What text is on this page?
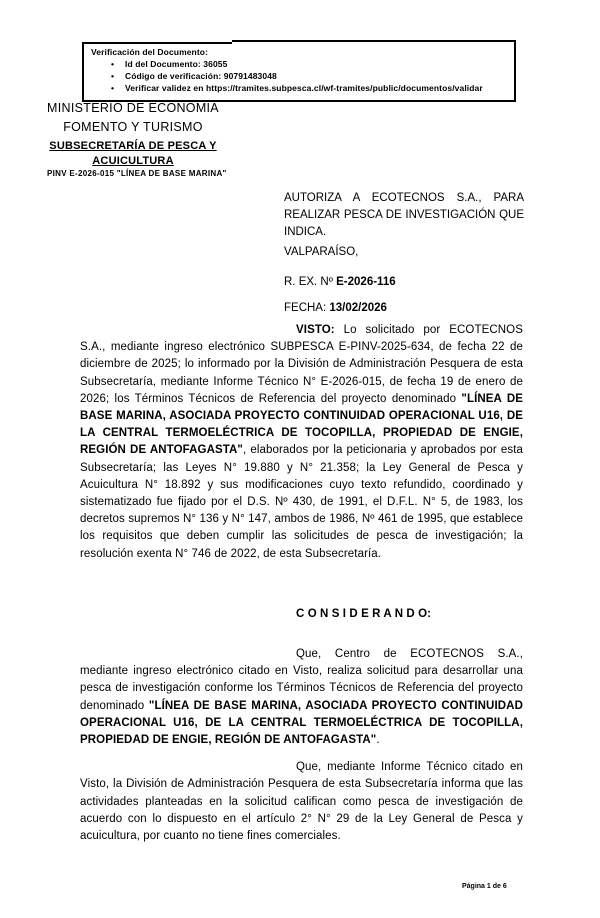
Verificación del Documento:
•	Id del Documento: 36055
•	Código de verificación: 90791483048
•	Verificar validez en https://tramites.subpesca.cl/wf-tramites/public/documentos/validar
MINISTERIO DE ECONOMIA
FOMENTO Y TURISMO
SUBSECRETARÍA DE PESCA Y
ACUICULTURA
PINV E-2026-015 "LÍNEA DE BASE MARINA"
AUTORIZA A ECOTECNOS S.A., PARA REALIZAR PESCA DE INVESTIGACIÓN QUE INDICA.
VALPARAÍSO,
R. EX. Nº E-2026-116
FECHA: 13/02/2026

VISTO: Lo solicitado por ECOTECNOS S.A., mediante ingreso electrónico SUBPESCA E-PINV-2025-634, de fecha 22 de diciembre de 2025; lo informado por la División de Administración Pesquera de esta Subsecretaría, mediante Informe Técnico N° E-2026-015, de fecha 19 de enero de 2026; los Términos Técnicos de Referencia del proyecto denominado "LÍNEA DE BASE MARINA, ASOCIADA PROYECTO CONTINUIDAD OPERACIONAL U16, DE LA CENTRAL TERMOELÉCTRICA DE TOCOPILLA, PROPIEDAD DE ENGIE, REGIÓN DE ANTOFAGASTA", elaborados por la peticionaria y aprobados por esta Subsecretaría; las Leyes N° 19.880 y N° 21.358; la Ley General de Pesca y Acuicultura N° 18.892 y sus modificaciones cuyo texto refundido, coordinado y sistematizado fue fijado por el D.S. Nº 430, de 1991, el D.F.L. N° 5, de 1983, los decretos supremos N° 136 y N° 147, ambos de 1986, Nº 461 de 1995, que establece los requisitos que deben cumplir las solicitudes de pesca de investigación; la resolución exenta N° 746 de 2022, de esta Subsecretaría.

C O N S I D E R A N D O:

Que, Centro de ECOTECNOS S.A., mediante ingreso electrónico citado en Visto, realiza solicitud para desarrollar una pesca de investigación conforme los Términos Técnicos de Referencia del proyecto denominado "LÍNEA DE BASE MARINA, ASOCIADA PROYECTO CONTINUIDAD OPERACIONAL U16, DE LA CENTRAL TERMOELÉCTRICA DE TOCOPILLA, PROPIEDAD DE ENGIE, REGIÓN DE ANTOFAGASTA".

Que, mediante Informe Técnico citado en Visto, la División de Administración Pesquera de esta Subsecretaría informa que las actividades planteadas en la solicitud califican como pesca de investigación de acuerdo con lo dispuesto en el artículo 2° N° 29 de la Ley General de Pesca y acuicultura, por cuanto no tiene fines comerciales.

Página 1 de 6
